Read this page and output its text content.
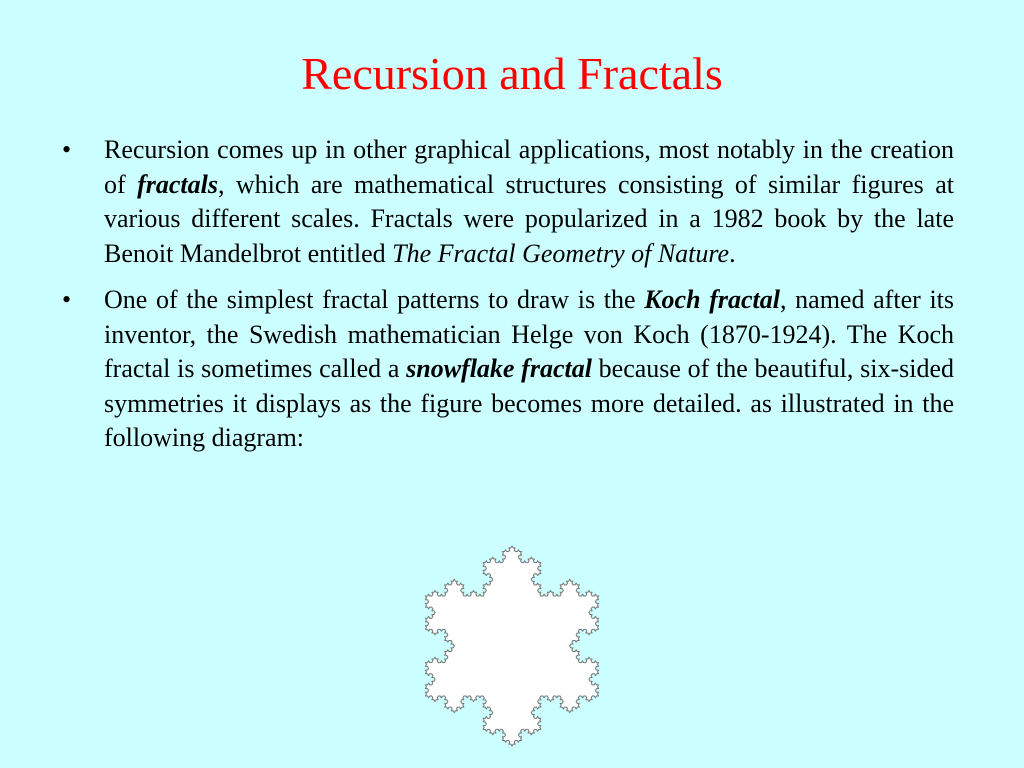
Recursion and Fractals
•	Recursion comes up in other graphical applications, most notably in the creation of fractals, which are mathematical structures consisting of similar figures at various different scales. Fractals were popularized in a 1982 book by the late Benoit Mandelbrot entitled The Fractal Geometry of Nature.
•	One of the simplest fractal patterns to draw is the Koch fractal, named after its inventor, the Swedish mathematician Helge von Koch (1870-1924). The Koch fractal is sometimes called a snowflake fractal because of the beautiful, six-sided symmetries it displays as the figure becomes more detailed. as illustrated in the following diagram:
